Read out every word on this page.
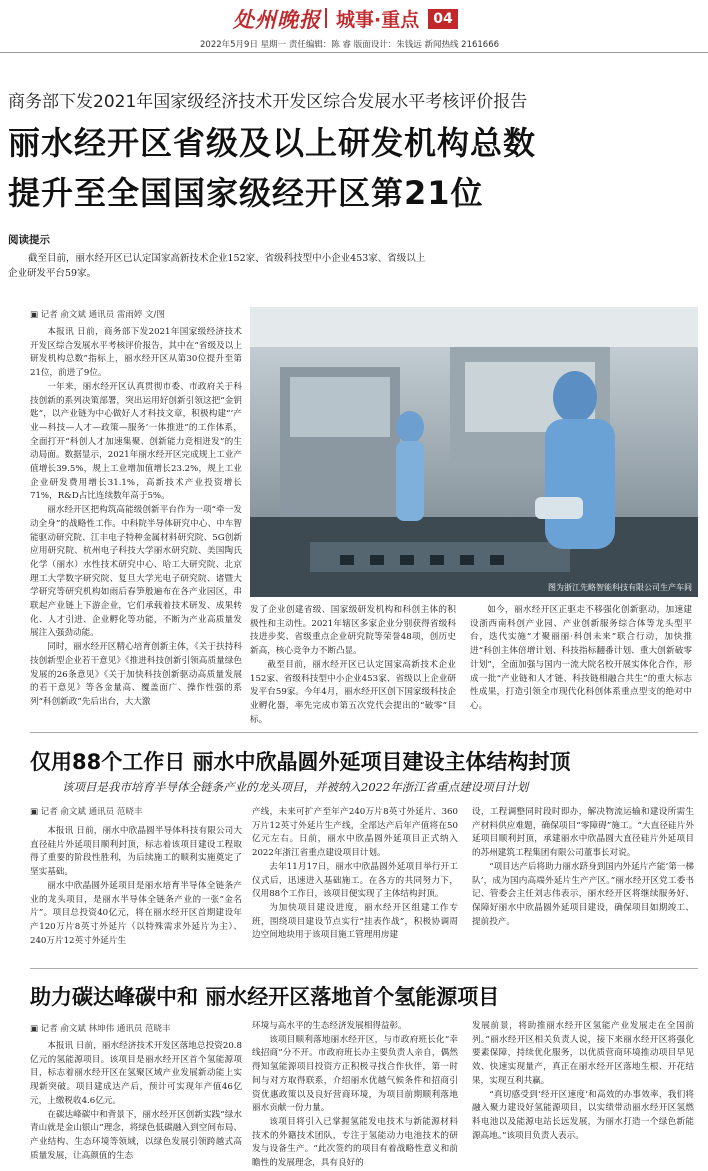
处州晚报 城事·重点	04
2022年5月9日 星期一 责任编辑：陈 睿 版面设计：朱钱远 新闻热线 2161666
商务部下发2021年国家级经济技术开发区综合发展水平考核评价报告
丽水经开区省级及以上研发机构总数
提升至全国国家级经开区第21位
阅读提示
截至目前，丽水经开区已认定国家高新技术企业152家、省级科技型中小企业453家、省级以上企业研发平台59家。
▣ 记者 俞文斌 通讯员 雷雨婷 文/图

本报讯 日前，商务部下发2021年国家级经济技术开发区综合发展水平考核评价报告，其中在“省级及以上研发机构总数”指标上，丽水经开区从第30位提升至第21位，前进了9位。

一年来，丽水经开区认真贯彻市委、市政府关于科技创新的系列决策部署，突出运用好创新引领这把“金钥匙”，以产业链为中心做好人才科技文章，积极构建“‘产业—科技—人才—政策—服务’一体推进”的工作体系，全面打开“科创人才加速集聚、创新能力竞相迸发”的生动局面。数据显示，2021年丽水经开区完成规上工业产值增长39.5%，规上工业增加值增长23.2%，规上工业企业研发费用增长31.1%，高新技术产业投资增长71%，R&D占比连续数年高于5%。

丽水经开区把构筑高能级创新平台作为一项“牵一发动全身”的战略性工作。中科院半导体研究中心、中车智能驱动研究院、江丰电子特种金属材料研究院、5G创新应用研究院、杭州电子科技大学丽水研究院、美国陶氏化学（丽水）水性技术研究中心、哈工大研究院、北京理工大学数字研究院、复旦大学光电子研究院、诸暨大学研究等研究机构如雨后春笋般遍布在各产业园区，串联起产业链上下游企业，它们承载着技术研发、成果转化、人才引进、企业孵化等功能，不断为产业高质量发展注入强劲动能。

同时，丽水经开区精心培育创新主体，《关于扶持科技创新型企业若干意见》《推进科技创新引领高质量绿色发展的26条意见》《关于加快科技创新驱动高质量发展的若干意见》等各金量高、覆盖面广、操作性强的系列“科创新政”先后出台，大大激

图为浙江先略智能科技有限公司生产车间

发了企业创建省级、国家级研发机构和科创主体的积极性和主动性。2021年辖区多家企业分别获得省级科技进步奖、省级重点企业研究院等荣誉48项，创历史新高，核心竞争力不断凸显。

截至目前，丽水经开区已认定国家高新技术企业152家、省级科技型中小企业453家、省级以上企业研发平台59家。今年4月，丽水经开区创下国家级科技企业孵化器，率先完成市第五次党代会提出的“破零”目标。

如今，丽水经开区正驱走不移强化创新驱动，加速建设浙西南科创产业园、产业创新服务综合体等龙头型平台，迭代实施“才聚丽丽·科创未来”联合行动，加快推进“科创主体倍增计划、科技指标翻番计划、重大创新破零计划”，全面加强与国内一流大院名校开展实体化合作，形成一批“产业链和人才链、科技链相融合共生”的重大标志性成果，打造引领全市现代化科创体系重点型支的绝对中心。

仅用88个工作日 丽水中欣晶圆外延项目建设主体结构封顶
该项目是我市培育半导体全链条产业的龙头项目，并被纳入2022年浙江省重点建设项目计划
▣ 记者 俞文斌 通讯员 范晓丰

本报讯 日前，丽水中欣晶圆半导体科技有限公司大直径硅片外延项目顺利封顶，标志着该项目建设工程取得了重要的阶段性胜利，为后续施工的顺利实施奠定了坚实基础。

丽水中欣晶圆外延项目是丽水培育半导体全链条产业的龙头项目，是丽水半导体全链条产业的一张“金名片”。项目总投资40亿元，将在丽水经开区首期建设年产120万片8英寸外延片（以特殊需求外延片为主）、240万片12英寸外延片生

产线，未来可扩产至年产240万片8英寸外延片、360万片12英寸外延片生产线，全部达产后年产值将在50亿元左右。日前，丽水中欣晶圆外延项目正式纳入2022年浙江省重点建设项目计划。

去年11月17日，丽水中欣晶圆外延项目举行开工仪式后，迅速进入基础施工。在各方的共同努力下，仅用88个工作日，该项目便实现了主体结构封顶。

为加快项目建设进度，丽水经开区组建工作专班，围绕项目建设节点实行“挂表作战”，积极协调周边空间地块用于该项目施工管理用房建

设，工程调整同时段时即办，解决物流运输和建设所需生产材料供应难题，确保项目“零障碍”施工。“大直径硅片外延项目顺利封顶，承建丽水中欣晶圆大直径硅片外延项目的苏州建筑工程集团有限公司董事长对说。

“项目达产后将助力丽水跻身到国内外延片产能‘第一梯队’，成为国内高端外延片生产产区。”丽水经开区党工委书记、管委会主任刘志伟表示，丽水经开区将继续服务好、保障好丽水中欣晶圆外延项目建设，确保项目如期竣工、提前投产。

助力碳达峰碳中和 丽水经开区落地首个氢能源项目
▣ 记者 俞文斌 林坤伟 通讯员 范晓丰

本报讯 日前，丽水经济技术开发区落地总投资20.8亿元的氢能源项目。该项目是丽水经开区首个氢能源项目，标志着丽水经开区在氢聚区域产业发展新动能上实现新突破。项目建成达产后，预计可实现年产值46亿元，上缴税收4.6亿元。

在碳达峰碳中和背景下，丽水经开区创新实践“绿水青山就是金山银山”理念，将绿色低碳融入到空间布局、产业结构、生态环境等领域，以绿色发展引领跨越式高质量发展，让高颜值的生态

环境与高水平的生态经济发展相得益彰。

该项目顺利落地丽水经开区，与市政府班长化“幸线招商”分不开。市政府班长办主要负责人亲自，偶然得知氢能源项目投资方正积极寻找合作伙伴，第一时间与对方取得联系，介绍丽水优越气候条件和招商引资优惠政策以及良好营商环境，为项目前期顺利落地丽水贡献一份力量。

该项目将引入已掌握氢能发电技术与新能源材料技术的外籍技术团队，专注于氢能动力电池技术的研发与设备生产。“此次签约的项目有着战略性意义和前瞻性的发展理念，具有良好的

发展前景，将助推丽水经开区氢能产业发展走在全国前列。”丽水经开区相关负责人说，接下来丽水经开区将强化要素保障，持续优化服务，以优质营商环境推动项目早见效、快速实现量产，真正在丽水经开区落地生根、开花结果，实现互利共赢。

“真切感受到‘经开区速度’和高效的办事效率，我们将融入聚力建设好氢能源项目，以实绩带动丽水经开区氢燃料电池以及能源电站长远发展，为丽水打造一个绿色新能源高地。”该项目负责人表示。
